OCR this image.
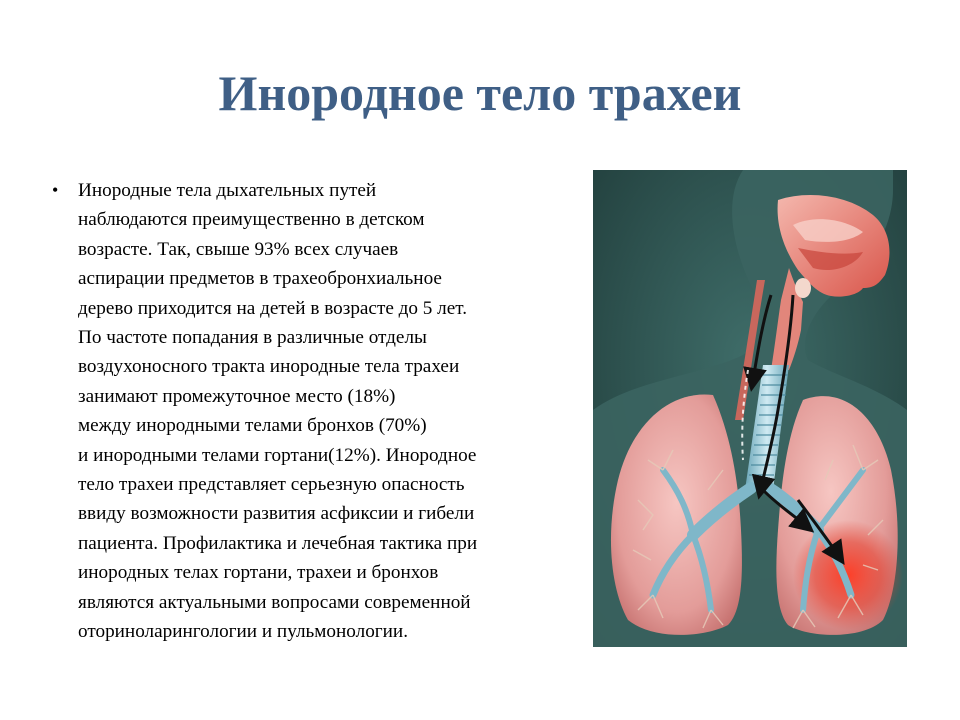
Инородное тело трахеи
• Инородные тела дыхательных путей
наблюдаются преимущественно в детском
возрасте. Так, свыше 93% всех случаев
аспирации предметов в трахеобронхиальное
дерево приходится на детей в возрасте до 5 лет.
По частоте попадания в различные отделы
воздухоносного тракта инородные тела трахеи
занимают промежуточное место (18%)
между инородными телами бронхов (70%)
и инородными телами гортани(12%). Инородное
тело трахеи представляет серьезную опасность
ввиду возможности развития асфиксии и гибели
пациента. Профилактика и лечебная тактика при
инородных телах гортани, трахеи и бронхов
являются актуальными вопросами современной
оториноларингологии и пульмонологии.
